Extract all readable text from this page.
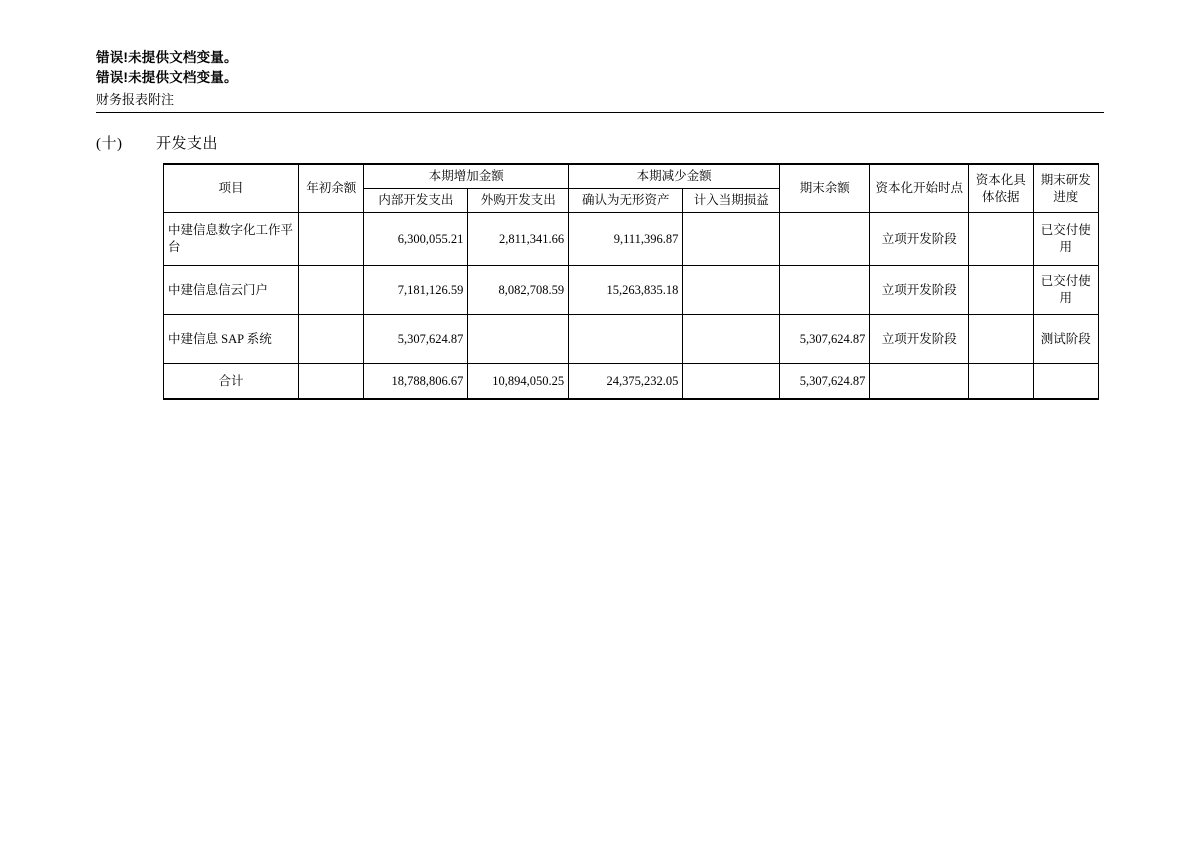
错误!未提供文档变量。
错误!未提供文档变量。
财务报表附注
(十) 开发支出
项目	年初余额	本期增加金额		本期减少金额		期末余额	资本化开始时点	资本化具体依据	期末研发进度
		内部开发支出	外购开发支出	确认为无形资产	计入当期损益				
中建信息数字化工作平台		6,300,055.21	2,811,341.66	9,111,396.87			立项开发阶段		已交付使用
中建信息信云门户		7,181,126.59	8,082,708.59	15,263,835.18			立项开发阶段		已交付使用
中建信息 SAP 系统		5,307,624.87				5,307,624.87	立项开发阶段		测试阶段
合计		18,788,806.67	10,894,050.25	24,375,232.05		5,307,624.87			
